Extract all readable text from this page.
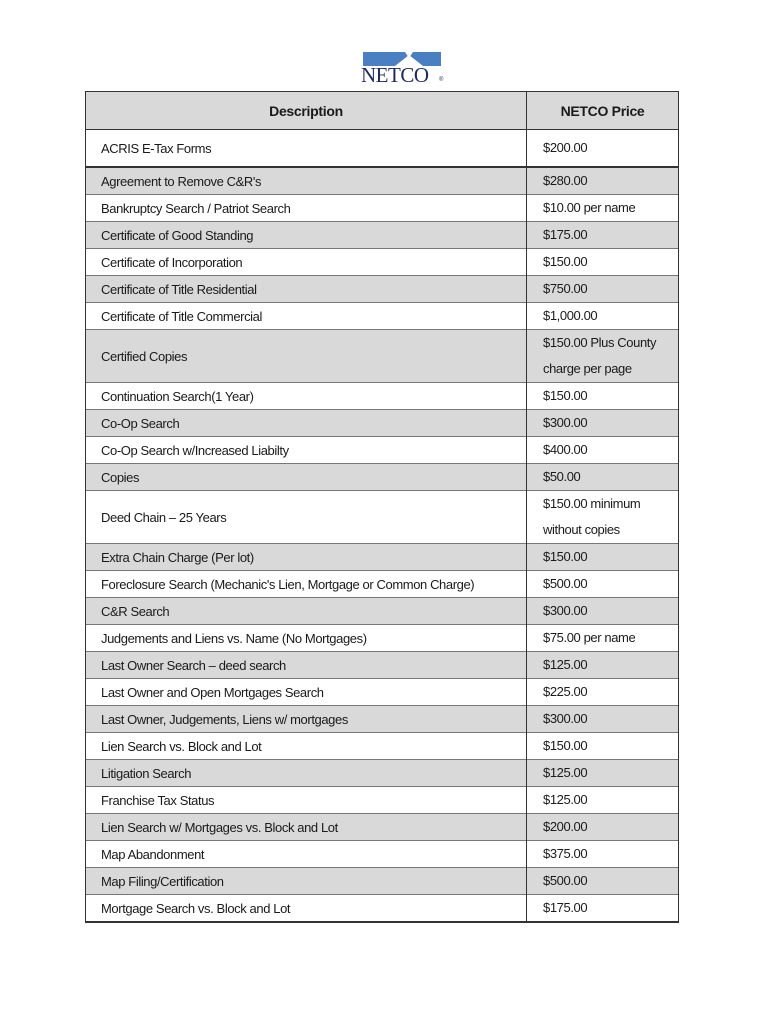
NETCO	®
Description	NETCO Price
ACRIS E-Tax Forms	$200.00
Agreement to Remove C&R's	$280.00
Bankruptcy Search / Patriot Search	$10.00 per name
Certificate of Good Standing	$175.00
Certificate of Incorporation	$150.00
Certificate of Title Residential	$750.00
Certificate of Title Commercial	$1,000.00
Certified Copies	$150.00 Plus County charge per page
Continuation Search(1 Year)	$150.00
Co-Op Search	$300.00
Co-Op Search w/Increased Liabilty	$400.00
Copies	$50.00
Deed Chain – 25 Years	$150.00 minimum without copies
Extra Chain Charge (Per lot)	$150.00
Foreclosure Search (Mechanic's Lien, Mortgage or Common Charge)	$500.00
C&R Search	$300.00
Judgements and Liens vs. Name (No Mortgages)	$75.00 per name
Last Owner Search – deed search	$125.00
Last Owner and Open Mortgages Search	$225.00
Last Owner, Judgements, Liens w/ mortgages	$300.00
Lien Search vs. Block and Lot	$150.00
Litigation Search	$125.00
Franchise Tax Status	$125.00
Lien Search w/ Mortgages vs. Block and Lot	$200.00
Map Abandonment	$375.00
Map Filing/Certification	$500.00
Mortgage Search vs. Block and Lot	$175.00
